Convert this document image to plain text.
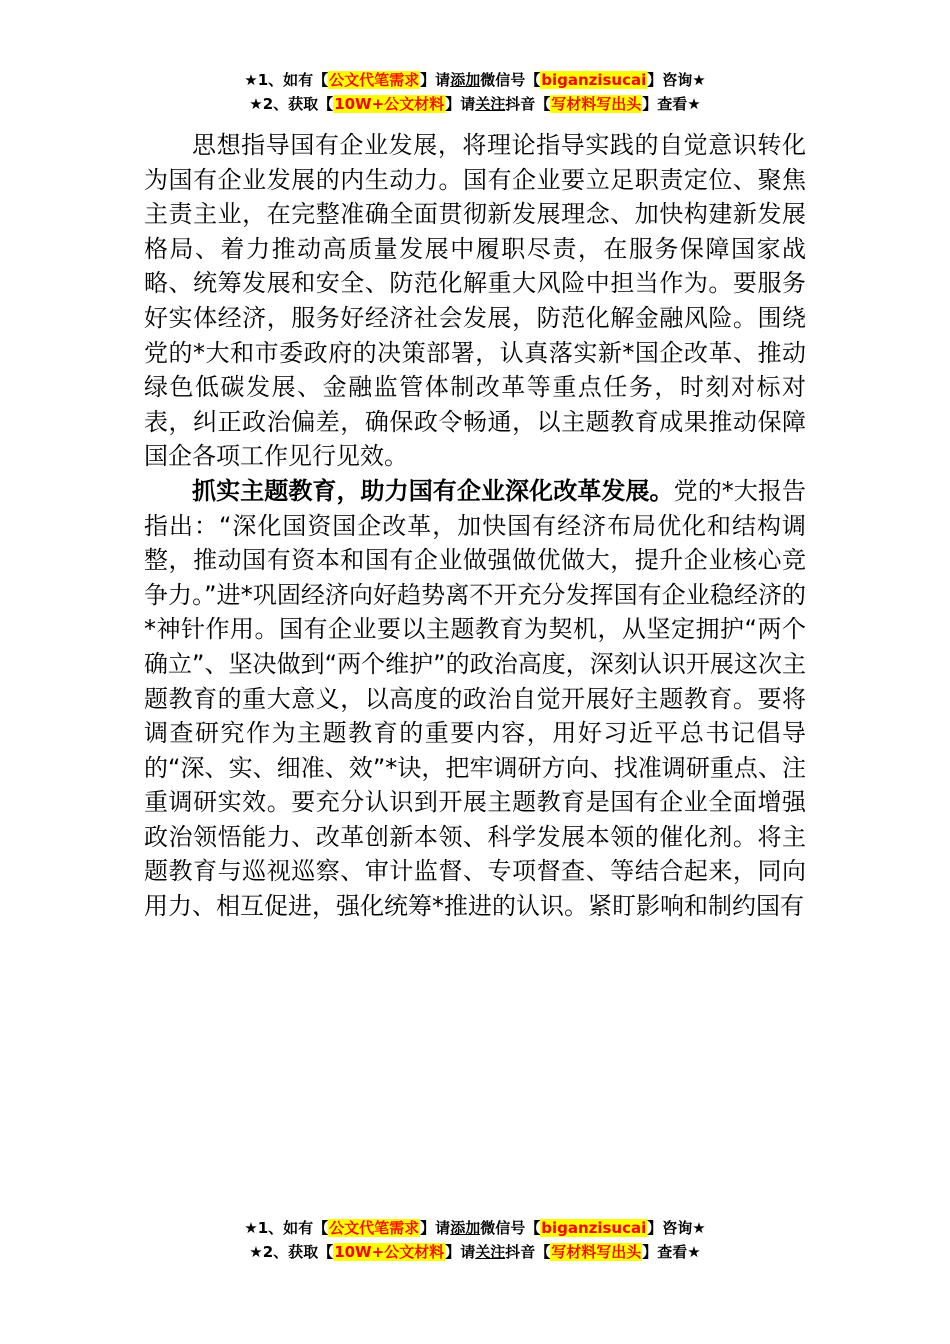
★1、如有【公文代笔需求】请添加微信号【biganzisucai】咨询★
★2、获取【10W+公文材料】请关注抖音【写材料写出头】查看★

思想指导国有企业发展，将理论指导实践的自觉意识转化为国有企业发展的内生动力。国有企业要立足职责定位、聚焦主责主业，在完整准确全面贯彻新发展理念、加快构建新发展格局、着力推动高质量发展中履职尽责，在服务保障国家战略、统筹发展和安全、防范化解重大风险中担当作为。要服务好实体经济，服务好经济社会发展，防范化解金融风险。围绕党的*大和市委政府的决策部署，认真落实新*国企改革、推动绿色低碳发展、金融监管体制改革等重点任务，时刻对标对表，纠正政治偏差，确保政令畅通，以主题教育成果推动保障国企各项工作见行见效。

抓实主题教育，助力国有企业深化改革发展。党的*大报告指出：“深化国资国企改革，加快国有经济布局优化和结构调整，推动国有资本和国有企业做强做优做大，提升企业核心竞争力。”进*巩固经济向好趋势离不开充分发挥国有企业稳经济的*神针作用。国有企业要以主题教育为契机，从坚定拥护“两个确立”、坚决做到“两个维护”的政治高度，深刻认识开展这次主题教育的重大意义，以高度的政治自觉开展好主题教育。要将调查研究作为主题教育的重要内容，用好习近平总书记倡导的“深、实、细准、效”*诀，把牢调研方向、找准调研重点、注重调研实效。要充分认识到开展主题教育是国有企业全面增强政治领悟能力、改革创新本领、科学发展本领的催化剂。将主题教育与巡视巡察、审计监督、专项督查、等结合起来，同向用力、相互促进，强化统筹*推进的认识。紧盯影响和制约国有

★1、如有【公文代笔需求】请添加微信号【biganzisucai】咨询★
★2、获取【10W+公文材料】请关注抖音【写材料写出头】查看★
